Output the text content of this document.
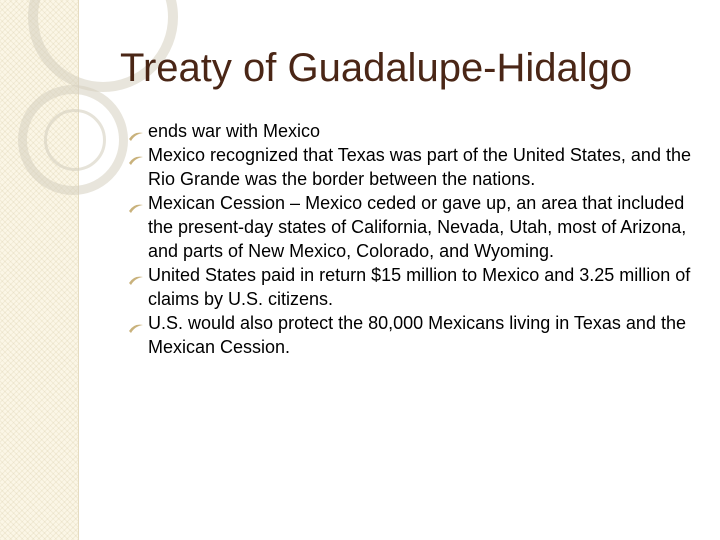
Treaty of Guadalupe-Hidalgo
ends war with Mexico
Mexico recognized that Texas was part of the United States, and the Rio Grande was the border between the nations.
Mexican Cession – Mexico ceded or gave up, an area that included the present-day states of California, Nevada, Utah, most of Arizona, and parts of New Mexico, Colorado, and Wyoming.
United States paid in return $15 million to Mexico and 3.25 million of claims by U.S. citizens.
U.S. would also protect the 80,000 Mexicans living in Texas and the Mexican Cession.
